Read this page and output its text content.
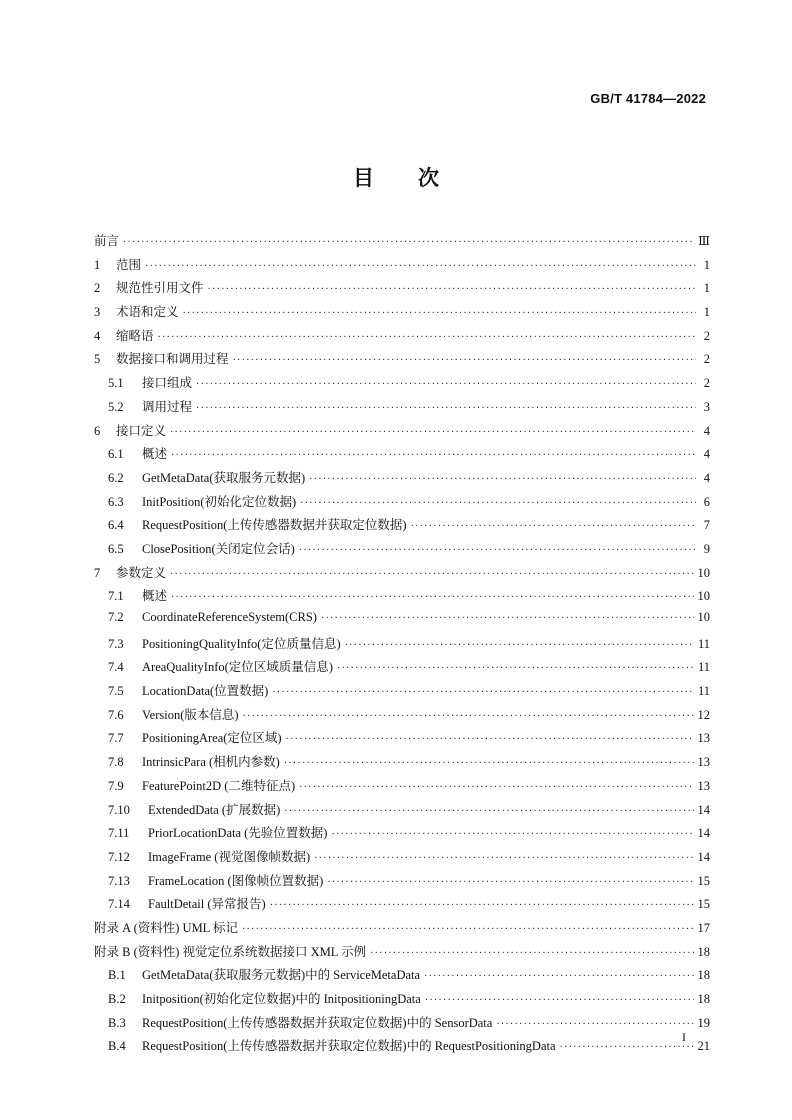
GB/T 41784—2022
目次
前言 ·····	Ⅲ
1	范围 ·····	1
2	规范性引用文件 ·····	1
3	术语和定义 ·····	1
4	缩略语 ·····	2
5	数据接口和调用过程 ·····	2
5.1	接口组成 ·····	2
5.2	调用过程 ·····	3
6	接口定义 ·····	4
6.1	概述 ·····	4
6.2	GetMetaData(获取服务元数据) ·····	4
6.3	InitPosition(初始化定位数据) ·····	6
6.4	RequestPosition(上传传感器数据并获取定位数据) ·····	7
6.5	ClosePosition(关闭定位会话) ·····	9
7	参数定义 ·····	10
7.1	概述 ·····	10
7.2	CoordinateReferenceSystem(CRS) ·····	10
7.3	PositioningQualityInfo(定位质量信息) ·····	11
7.4	AreaQualityInfo(定位区域质量信息) ·····	11
7.5	LocationData(位置数据) ·····	11
7.6	Version(版本信息) ·····	12
7.7	PositioningArea(定位区域) ·····	13
7.8	IntrinsicPara (相机内参数) ·····	13
7.9	FeaturePoint2D (二维特征点) ·····	13
7.10	ExtendedData (扩展数据) ·····	14
7.11	PriorLocationData (先验位置数据) ·····	14
7.12	ImageFrame (视觉图像帧数据) ·····	14
7.13	FrameLocation (图像帧位置数据) ·····	15
7.14	FaultDetail (异常报告) ·····	15
附录 A (资料性) UML 标记 ·····	17
附录 B (资料性) 视觉定位系统数据接口 XML 示例 ·····	18
B.1	GetMetaData(获取服务元数据)中的 ServiceMetaData ·····	18
B.2	Initposition(初始化定位数据)中的 InitpositioningData ·····	18
B.3	RequestPosition(上传传感器数据并获取定位数据)中的 SensorData ·····	19
B.4	RequestPosition(上传传感器数据并获取定位数据)中的 RequestPositioningData ·····	21
I
